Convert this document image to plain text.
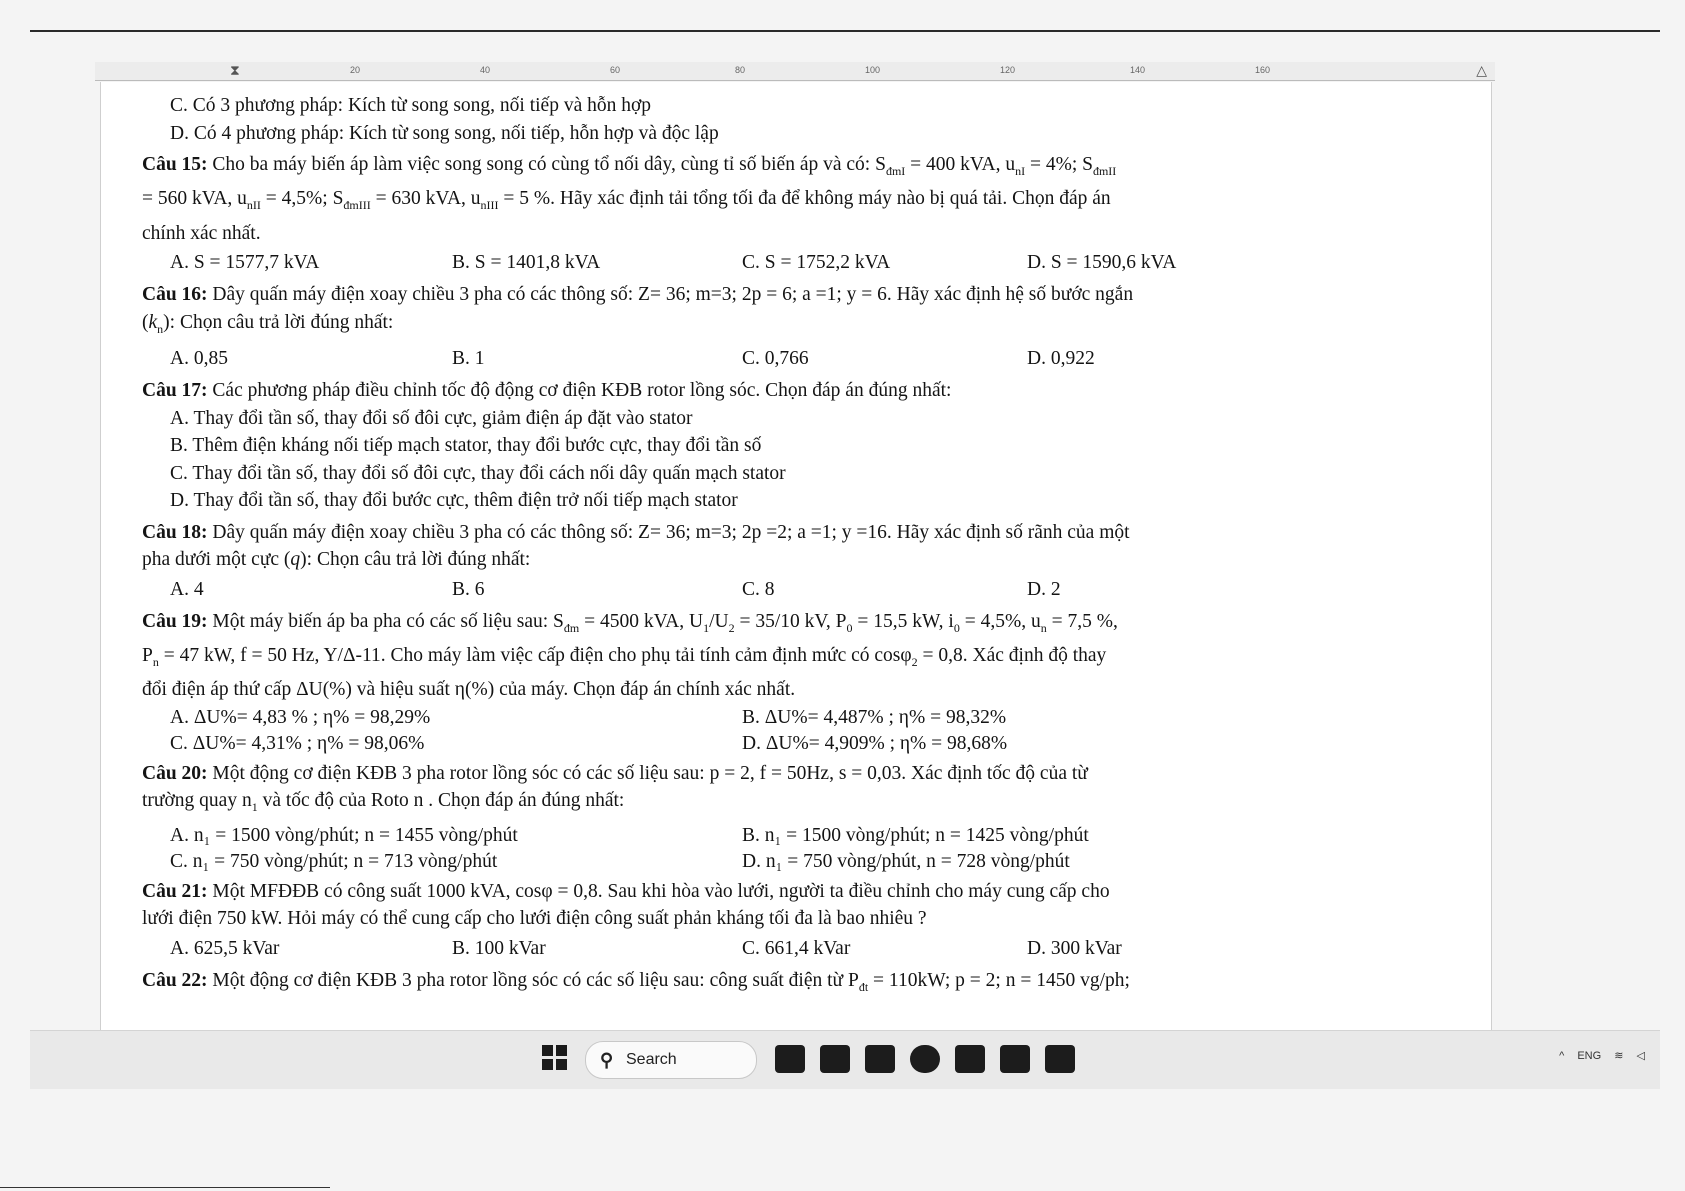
⧗	20	40	60	80	100	120	140	160	△
C. Có 3 phương pháp: Kích từ song song, nối tiếp và hỗn hợp
D. Có 4 phương pháp: Kích từ song song, nối tiếp, hỗn hợp và độc lập
Câu 15: Cho ba máy biến áp làm việc song song có cùng tổ nối dây, cùng tỉ số biến áp và có: $S_{đmI} = 400$ kVA, $u_{nI} = 4\%$; $S_{đmII}$
= 560 kVA, $u_{nII} = 4,5\%$; $S_{đmIII} = 630$ kVA, $u_{nIII} = 5$ %. Hãy xác định tải tổng tối đa để không máy nào bị quá tải. Chọn đáp án
chính xác nhất.
A. S = 1577,7 kVA	B. S = 1401,8 kVA	C. S = 1752,2 kVA	D. S = 1590,6 kVA
Câu 16: Dây quấn máy điện xoay chiều 3 pha có các thông số: Z= 36; m=3; 2p = 6; a =1; y = 6. Hãy xác định hệ số bước ngắn
$(k_n)$: Chọn câu trả lời đúng nhất:
A. 0,85	B. 1	C. 0,766	D. 0,922
Câu 17: Các phương pháp điều chỉnh tốc độ động cơ điện KĐB rotor lồng sóc. Chọn đáp án đúng nhất:
A. Thay đổi tần số, thay đổi số đôi cực, giảm điện áp đặt vào stator
B. Thêm điện kháng nối tiếp mạch stator, thay đổi bước cực, thay đổi tần số
C. Thay đổi tần số, thay đổi số đôi cực, thay đổi cách nối dây quấn mạch stator
D. Thay đổi tần số, thay đổi bước cực, thêm điện trở nối tiếp mạch stator
Câu 18: Dây quấn máy điện xoay chiều 3 pha có các thông số: Z= 36; m=3; 2p =2; a =1; y =16. Hãy xác định số rãnh của một
pha dưới một cực (q): Chọn câu trả lời đúng nhất:
A. 4	B. 6	C. 8	D. 2
Câu 19: Một máy biến áp ba pha có các số liệu sau: $S_{đm} = 4500$ kVA, $U_1/U_2 = 35/10$ kV, $P_0 = 15,5$ kW, $i_0 = 4,5\%$, $u_n = 7,5$ %,
$P_n = 47$ kW, f = 50 Hz, Y/Δ-11. Cho máy làm việc cấp điện cho phụ tải tính cảm định mức có cosφ$_2$ = 0,8. Xác định độ thay
đổi điện áp thứ cấp ΔU(%) và hiệu suất η(%) của máy. Chọn đáp án chính xác nhất.
A. ΔU%= 4,83 % ; η% = 98,29%	B. ΔU%= 4,487% ; η% = 98,32%
C. ΔU%= 4,31% ; η% = 98,06%	D. ΔU%= 4,909% ; η% = 98,68%
Câu 20: Một động cơ điện KĐB 3 pha rotor lồng sóc có các số liệu sau: p = 2, f = 50Hz, s = 0,03. Xác định tốc độ của từ
trường quay $n_1$ và tốc độ của Roto n . Chọn đáp án đúng nhất:
A. n₁ = 1500 vòng/phút; n = 1455 vòng/phút	B. n₁ = 1500 vòng/phút; n = 1425 vòng/phút
C. n₁ = 750 vòng/phút; n = 713 vòng/phút	D. n₁ = 750 vòng/phút, n = 728 vòng/phút
Câu 21: Một MFĐĐB có công suất 1000 kVA, cosφ = 0,8. Sau khi hòa vào lưới, người ta điều chỉnh cho máy cung cấp cho
lưới điện 750 kW. Hỏi máy có thể cung cấp cho lưới điện công suất phản kháng tối đa là bao nhiêu ?
A. 625,5 kVar	B. 100 kVar	C. 661,4 kVar	D. 300 kVar
Câu 22: Một động cơ điện KĐB 3 pha rotor lồng sóc có các số liệu sau: công suất điện từ $P_{đt} = 110kW$; p = 2; n = 1450 vg/ph;
⚲ Search	^ ENG ≋ ◁
